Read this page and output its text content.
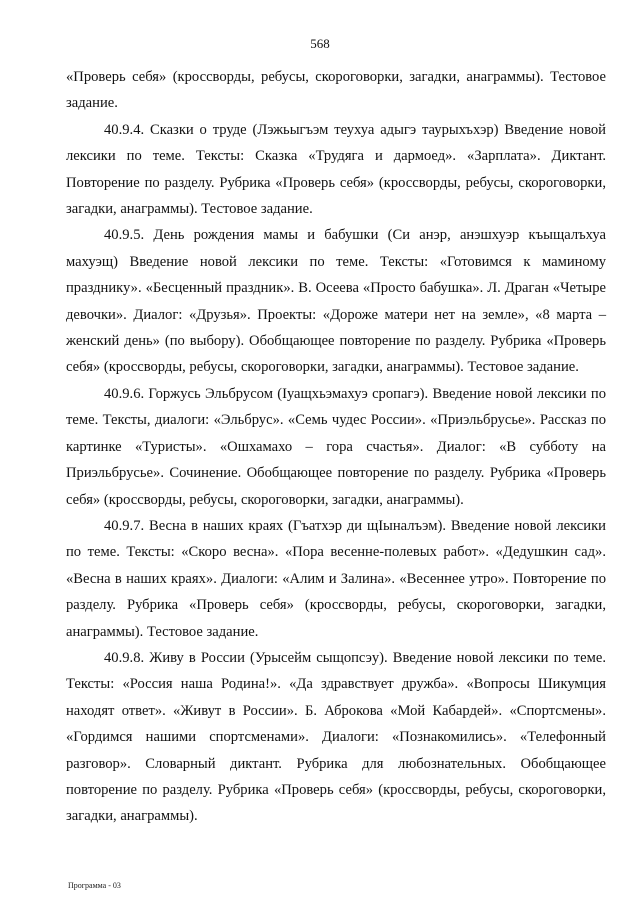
568

«Проверь себя» (кроссворды, ребусы, скороговорки, загадки, анаграммы). Тестовое задание.

40.9.4. Сказки о труде (Лэжьыгъэм теухуа адыгэ таурыхъхэр) Введение новой лексики по теме. Тексты: Сказка «Трудяга и дармоед». «Зарплата». Диктант. Повторение по разделу. Рубрика «Проверь себя» (кроссворды, ребусы, скороговорки, загадки, анаграммы). Тестовое задание.

40.9.5. День рождения мамы и бабушки (Си анэр, анэшхуэр къыщалъхуа махуэщ) Введение новой лексики по теме. Тексты: «Готовимся к маминому празднику». «Бесценный праздник». В. Осеева «Просто бабушка». Л. Драган «Четыре девочки». Диалог: «Друзья». Проекты: «Дороже матери нет на земле», «8 марта – женский день» (по выбору). Обобщающее повторение по разделу. Рубрика «Проверь себя» (кроссворды, ребусы, скороговорки, загадки, анаграммы). Тестовое задание.

40.9.6. Горжусь Эльбрусом (Iуащхьэмахуэ сропагэ). Введение новой лексики по теме. Тексты, диалоги: «Эльбрус». «Семь чудес России». «Приэльбрусье». Рассказ по картинке «Туристы». «Ошхамахо – гора счастья». Диалог: «В субботу на Приэльбрусье». Сочинение. Обобщающее повторение по разделу. Рубрика «Проверь себя» (кроссворды, ребусы, скороговорки, загадки, анаграммы).

40.9.7. Весна в наших краях (Гъатхэр ди щIыналъэм). Введение новой лексики по теме. Тексты: «Скоро весна». «Пора весенне-полевых работ». «Дедушкин сад». «Весна в наших краях». Диалоги: «Алим и Залина». «Весеннее утро». Повторение по разделу. Рубрика «Проверь себя» (кроссворды, ребусы, скороговорки, загадки, анаграммы). Тестовое задание.

40.9.8. Живу в России (Урысейм сыщопсэу). Введение новой лексики по теме. Тексты: «Россия наша Родина!». «Да здравствует дружба». «Вопросы Шикумция находят ответ». «Живут в России». Б. Аброкова «Мой Кабардей». «Спортсмены». «Гордимся нашими спортсменами». Диалоги: «Познакомились». «Телефонный разговор». Словарный диктант. Рубрика для любознательных. Обобщающее повторение по разделу. Рубрика «Проверь себя» (кроссворды, ребусы, скороговорки, загадки, анаграммы).

Программа - 03
